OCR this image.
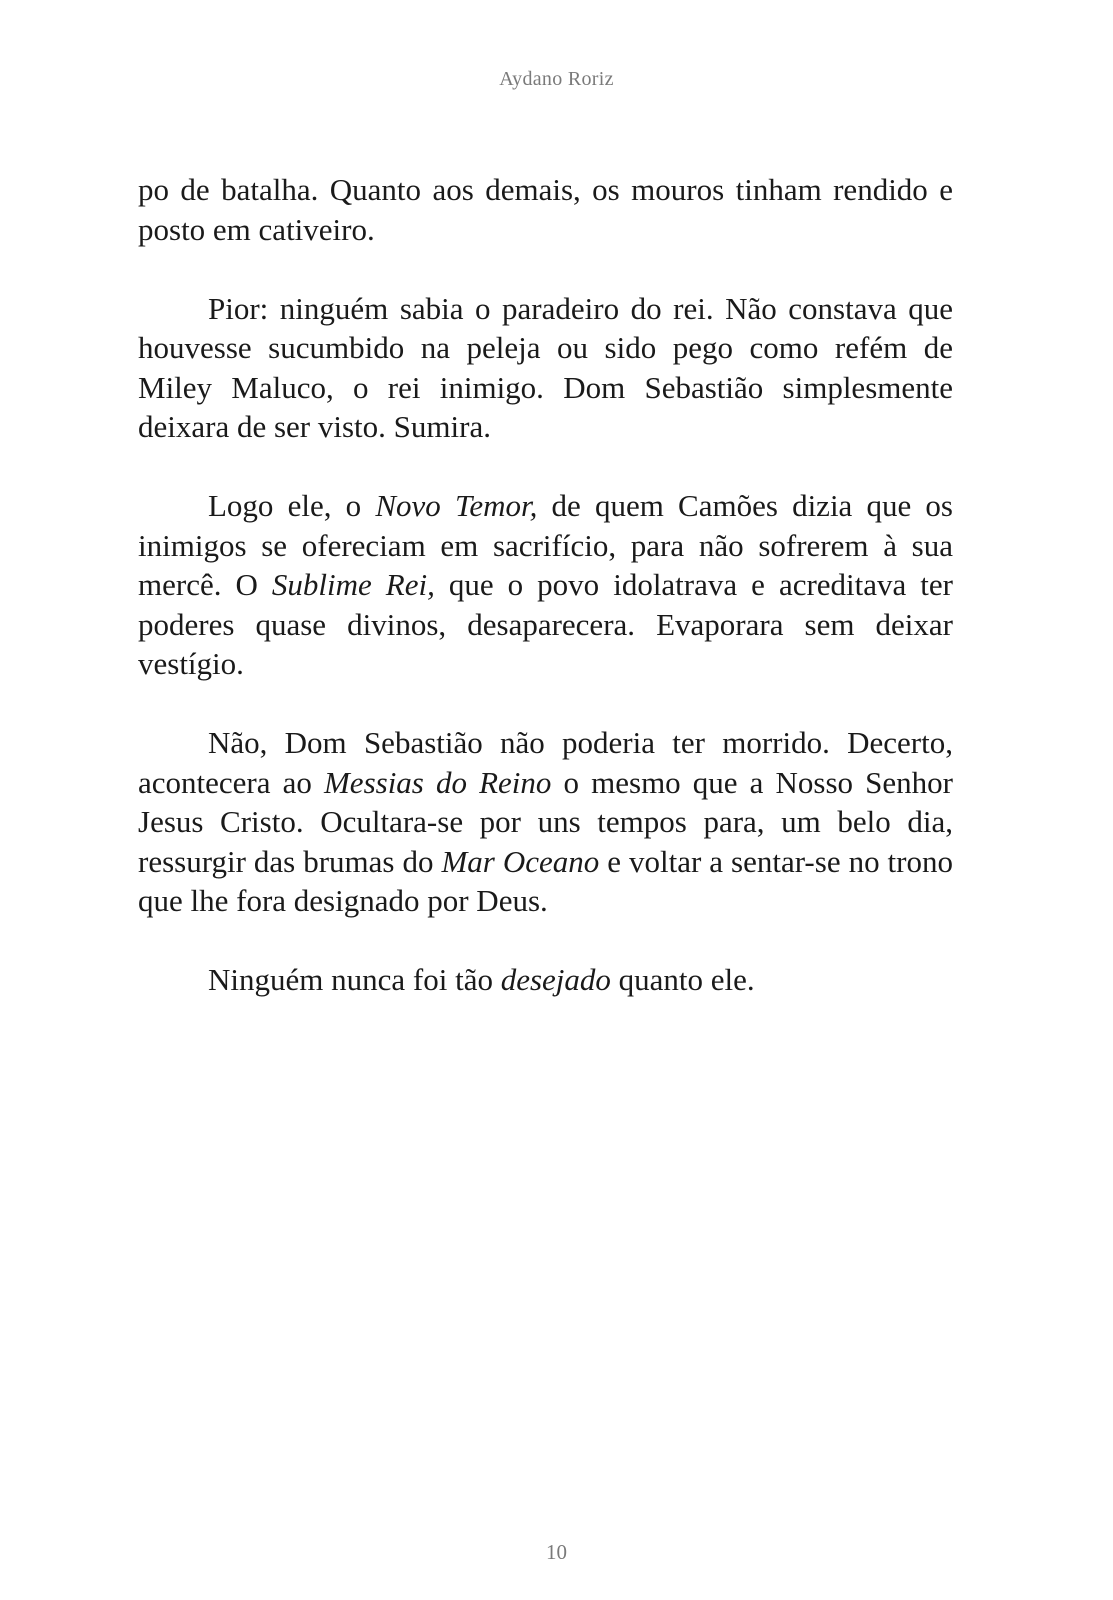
Aydano Roriz

po de batalha. Quanto aos demais, os mouros tinham rendido e posto em cativeiro.

Pior: ninguém sabia o paradeiro do rei. Não constava que houvesse sucumbido na peleja ou sido pego como refém de Miley Maluco, o rei inimigo. Dom Sebastião simplesmente deixara de ser visto. Sumira.

Logo ele, o Novo Temor, de quem Camões dizia que os inimigos se ofereciam em sacrifício, para não sofrerem à sua mercê. O Sublime Rei, que o povo idolatrava e acreditava ter poderes quase divinos, desaparecera. Evaporara sem deixar vestígio.

Não, Dom Sebastião não poderia ter morrido. Decerto, acontecera ao Messias do Reino o mesmo que a Nosso Senhor Jesus Cristo. Ocultara-se por uns tempos para, um belo dia, ressurgir das brumas do Mar Oceano e voltar a sentar-se no trono que lhe fora designado por Deus.

Ninguém nunca foi tão desejado quanto ele.

10
